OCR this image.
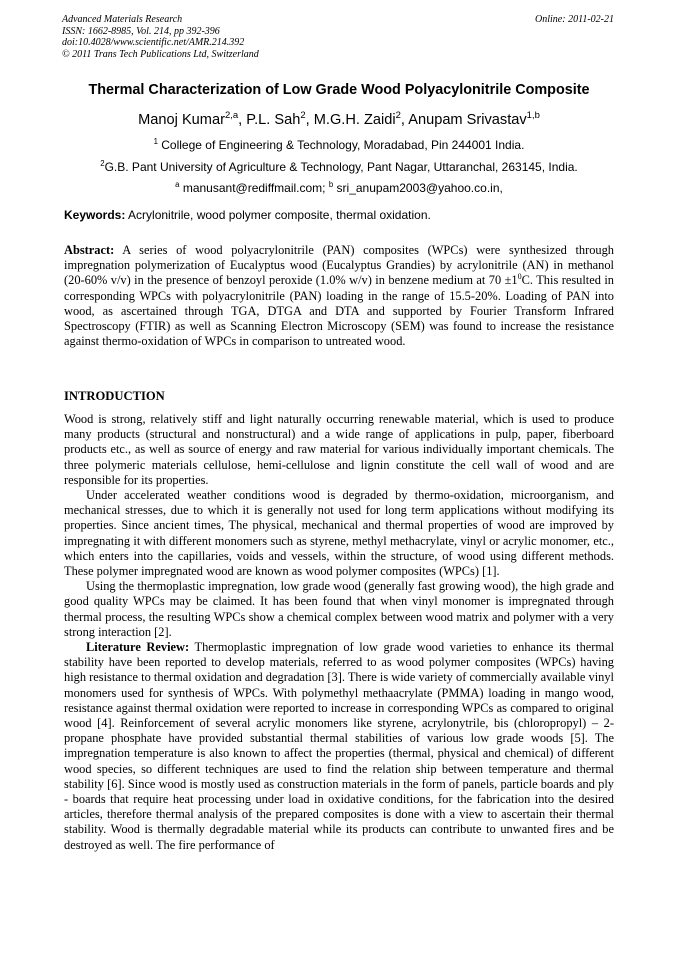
Advanced Materials Research
ISSN: 1662-8985, Vol. 214, pp 392-396
doi:10.4028/www.scientific.net/AMR.214.392
© 2011 Trans Tech Publications Ltd, Switzerland
Online: 2011-02-21
Thermal Characterization of Low Grade Wood Polyacylonitrile Composite
Manoj Kumar$^{2,a}$, P.L. Sah$^2$, M.G.H. Zaidi$^2$, Anupam Srivastav$^{1,b}$
$^1$ College of Engineering & Technology, Moradabad, Pin 244001 India.
$^2$G.B. Pant University of Agriculture & Technology, Pant Nagar, Uttaranchal, 263145, India.
$^a$ manusant@rediffmail.com; $^b$ sri_anupam2003@yahoo.co.in,
Keywords: Acrylonitrile, wood polymer composite, thermal oxidation.

Abstract: A series of wood polyacrylonitrile (PAN) composites (WPCs) were synthesized through impregnation polymerization of Eucalyptus wood (Eucalyptus Grandies) by acrylonitrile (AN) in methanol (20-60% v/v) in the presence of benzoyl peroxide (1.0% w/v) in benzene medium at $70 \pm 1^0C$. This resulted in corresponding WPCs with polyacrylonitrile (PAN) loading in the range of 15.5-20%. Loading of PAN into wood, as ascertained through TGA, DTGA and DTA and supported by Fourier Transform Infrared Spectroscopy (FTIR) as well as Scanning Electron Microscopy (SEM) was found to increase the resistance against thermo-oxidation of WPCs in comparison to untreated wood.

INTRODUCTION

Wood is strong, relatively stiff and light naturally occurring renewable material, which is used to produce many products (structural and nonstructural) and a wide range of applications in pulp, paper, fiberboard products etc., as well as source of energy and raw material for various individually important chemicals. The three polymeric materials cellulose, hemi-cellulose and lignin constitute the cell wall of wood and are responsible for its properties.

Under accelerated weather conditions wood is degraded by thermo-oxidation, microorganism, and mechanical stresses, due to which it is generally not used for long term applications without modifying its properties. Since ancient times, The physical, mechanical and thermal properties of wood are improved by impregnating it with different monomers such as styrene, methyl methacrylate, vinyl or acrylic monomer, etc., which enters into the capillaries, voids and vessels, within the structure, of wood using different methods. These polymer impregnated wood are known as wood polymer composites (WPCs) [1].

Using the thermoplastic impregnation, low grade wood (generally fast growing wood), the high grade and good quality WPCs may be claimed. It has been found that when vinyl monomer is impregnated through thermal process, the resulting WPCs show a chemical complex between wood matrix and polymer with a very strong interaction [2].

Literature Review: Thermoplastic impregnation of low grade wood varieties to enhance its thermal stability have been reported to develop materials, referred to as wood polymer composites (WPCs) having high resistance to thermal oxidation and degradation [3]. There is wide variety of commercially available vinyl monomers used for synthesis of WPCs. With polymethyl methaacrylate (PMMA) loading in mango wood, resistance against thermal oxidation were reported to increase in corresponding WPCs as compared to original wood [4]. Reinforcement of several acrylic monomers like styrene, acrylonytrile, bis (chloropropyl) – 2- propane phosphate have provided substantial thermal stabilities of various low grade woods [5]. The impregnation temperature is also known to affect the properties (thermal, physical and chemical) of different wood species, so different techniques are used to find the relation ship between temperature and thermal stability [6]. Since wood is mostly used as construction materials in the form of panels, particle boards and ply - boards that require heat processing under load in oxidative conditions, for the fabrication into the desired articles, therefore thermal analysis of the prepared composites is done with a view to ascertain their thermal stability. Wood is thermally degradable material while its products can contribute to unwanted fires and be destroyed as well. The fire performance of
